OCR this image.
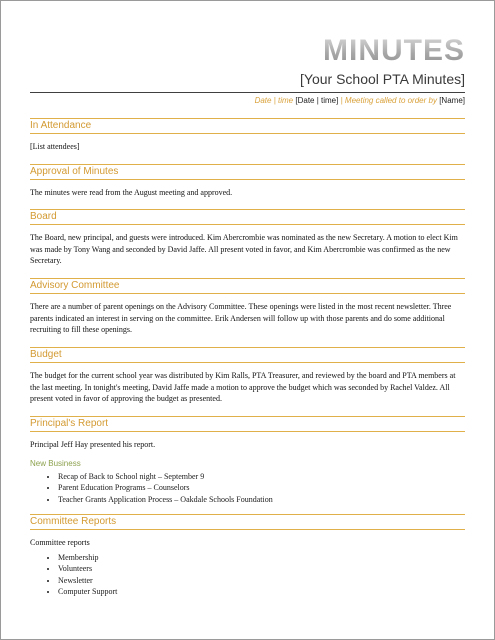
MINUTES
[Your School PTA Minutes]
Date | time [Date | time] | Meeting called to order by [Name]
In Attendance
[List attendees]
Approval of Minutes
The minutes were read from the August meeting and approved.
Board
The Board, new principal, and guests were introduced. Kim Abercrombie was nominated as the new Secretary. A motion to elect Kim was made by Tony Wang and seconded by David Jaffe. All present voted in favor, and Kim Abercrombie was confirmed as the new Secretary.
Advisory Committee
There are a number of parent openings on the Advisory Committee. These openings were listed in the most recent newsletter. Three parents indicated an interest in serving on the committee. Erik Andersen will follow up with those parents and do some additional recruiting to fill these openings.
Budget
The budget for the current school year was distributed by Kim Ralls, PTA Treasurer, and reviewed by the board and PTA members at the last meeting. In tonight's meeting, David Jaffe made a motion to approve the budget which was seconded by Rachel Valdez. All present voted in favor of approving the budget as presented.
Principal's Report
Principal Jeff Hay presented his report.
New Business
• Recap of Back to School night – September 9
• Parent Education Programs – Counselors
• Teacher Grants Application Process – Oakdale Schools Foundation
Committee Reports
Committee reports
• Membership
• Volunteers
• Newsletter
• Computer Support
